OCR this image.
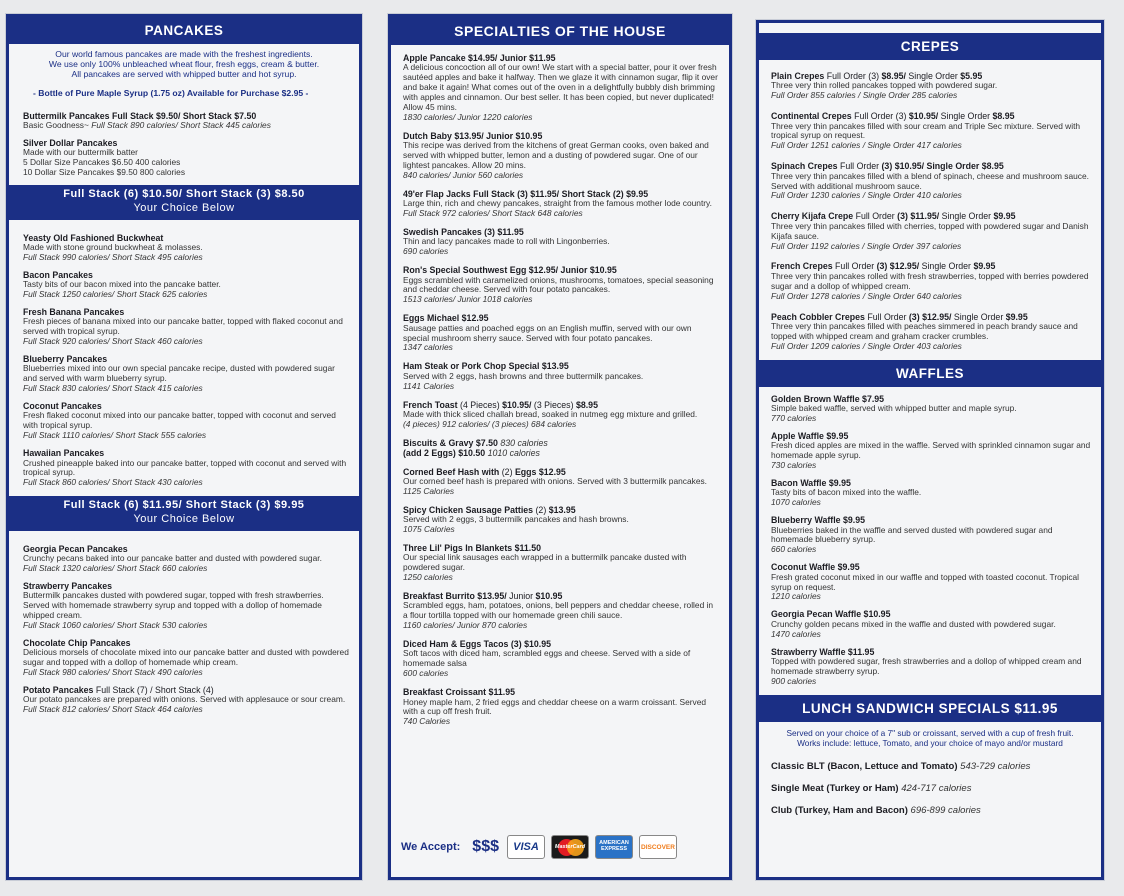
PANCAKES
Our world famous pancakes are made with the freshest ingredients.
We use only 100% unbleached wheat flour, fresh eggs, cream & butter.
All pancakes are served with whipped butter and hot syrup.
- Bottle of Pure Maple Syrup (1.75 oz) Available for Purchase $2.95 -
Buttermilk Pancakes Full Stack $9.50/ Short Stack $7.50
Basic Goodness~ Full Stack 890 calories/ Short Stack 445 calories
Silver Dollar Pancakes
Made with our buttermilk batter
5 Dollar Size Pancakes $6.50 400 calories
10 Dollar Size Pancakes $9.50 800 calories
Full Stack (6) $10.50/ Short Stack (3) $8.50
Your Choice Below
Yeasty Old Fashioned Buckwheat
Made with stone ground buckwheat & molasses.
Full Stack 990 calories/ Short Stack 495 calories
Bacon Pancakes
Tasty bits of our bacon mixed into the pancake batter.
Full Stack 1250 calories/ Short Stack 625 calories
Fresh Banana Pancakes
Fresh pieces of banana mixed into our pancake batter, topped with flaked coconut and served with tropical syrup.
Full Stack 920 calories/ Short Stack 460 calories
Blueberry Pancakes
Blueberries mixed into our own special pancake recipe, dusted with powdered sugar and served with warm blueberry syrup.
Full Stack 830 calories/ Short Stack 415 calories
Coconut Pancakes
Fresh flaked coconut mixed into our pancake batter, topped with coconut and served with tropical syrup.
Full Stack 1110 calories/ Short Stack 555 calories
Hawaiian Pancakes
Crushed pineapple baked into our pancake batter, topped with coconut and served with tropical syrup.
Full Stack 860 calories/ Short Stack 430 calories
Full Stack (6) $11.95/ Short Stack (3) $9.95
Your Choice Below
Georgia Pecan Pancakes
Crunchy pecans baked into our pancake batter and dusted with powdered sugar.
Full Stack 1320 calories/ Short Stack 660 calories
Strawberry Pancakes
Buttermilk pancakes dusted with powdered sugar, topped with fresh strawberries. Served with homemade strawberry syrup and topped with a dollop of homemade whipped cream.
Full Stack 1060 calories/ Short Stack 530 calories
Chocolate Chip Pancakes
Delicious morsels of chocolate mixed into our pancake batter and dusted with powdered sugar and topped with a dollop of homemade whip cream.
Full Stack 980 calories/ Short Stack 490 calories
Potato Pancakes Full Stack (7) / Short Stack (4)
Our potato pancakes are prepared with onions. Served with applesauce or sour cream.
Full Stack 812 calories/ Short Stack 464 calories
SPECIALTIES OF THE HOUSE
Apple Pancake $14.95/ Junior $11.95
A delicious concoction all of our own! We start with a special batter, pour it over fresh sautéed apples and bake it halfway. Then we glaze it with cinnamon sugar, flip it over and bake it again! What comes out of the oven in a delightfully bubbly dish brimming with apples and cinnamon. Our best seller. It has been copied, but never duplicated! Allow 45 mins.
1830 calories/ Junior 1220 calories
Dutch Baby $13.95/ Junior $10.95
This recipe was derived from the kitchens of great German cooks, oven baked and served with whipped butter, lemon and a dusting of powdered sugar. One of our lightest pancakes. Allow 20 mins.
840 calories/ Junior 560 calories
49'er Flap Jacks Full Stack (3) $11.95/ Short Stack (2) $9.95
Large thin, rich and chewy pancakes, straight from the famous mother lode country.
Full Stack 972 calories/ Short Stack 648 calories
Swedish Pancakes (3) $11.95
Thin and lacy pancakes made to roll with Lingonberries.
690 calories
Ron's Special Southwest Egg $12.95/ Junior $10.95
Eggs scrambled with caramelized onions, mushrooms, tomatoes, special seasoning and cheddar cheese. Served with four potato pancakes.
1513 calories/ Junior 1018 calories
Eggs Michael $12.95
Sausage patties and poached eggs on an English muffin, served with our own special mushroom sherry sauce. Served with four potato pancakes.
1347 calories
Ham Steak or Pork Chop Special $13.95
Served with 2 eggs, hash browns and three buttermilk pancakes.
1141 Calories
French Toast (4 Pieces) $10.95/ (3 Pieces) $8.95
Made with thick sliced challah bread, soaked in nutmeg egg mixture and grilled.
(4 pieces) 912 calories/ (3 pieces) 684 calories
Biscuits & Gravy $7.50 830 calories
(add 2 Eggs) $10.50 1010 calories
Corned Beef Hash with (2) Eggs $12.95
Our corned beef hash is prepared with onions. Served with 3 buttermilk pancakes.
1125 Calories
Spicy Chicken Sausage Patties (2) $13.95
Served with 2 eggs, 3 buttermilk pancakes and hash browns.
1075 Calories
Three Lil' Pigs In Blankets $11.50
Our special link sausages each wrapped in a buttermilk pancake dusted with powdered sugar.
1250 calories
Breakfast Burrito $13.95/ Junior $10.95
Scrambled eggs, ham, potatoes, onions, bell peppers and cheddar cheese, rolled in a flour tortilla topped with our homemade green chili sauce.
1160 calories/ Junior 870 calories
Diced Ham & Eggs Tacos (3) $10.95
Soft tacos with diced ham, scrambled eggs and cheese. Served with a side of homemade salsa
600 calories
Breakfast Croissant $11.95
Honey maple ham, 2 fried eggs and cheddar cheese on a warm croissant. Served with a cup off fresh fruit.
740 Calories
We Accept: $$$ VISA	MasterCard
AMERICAN EXPRESS	DISCOVER
CREPES
Plain Crepes Full Order (3) $8.95/ Single Order $5.95
Three very thin rolled pancakes topped with powdered sugar.
Full Order 855 calories / Single Order 285 calories
Continental Crepes Full Order (3) $10.95/ Single Order $8.95
Three very thin pancakes filled with sour cream and Triple Sec mixture. Served with tropical syrup on request.
Full Order 1251 calories / Single Order 417 calories
Spinach Crepes Full Order (3) $10.95/ Single Order $8.95
Three very thin pancakes filled with a blend of spinach, cheese and mushroom sauce. Served with additional mushroom sauce.
Full Order 1230 calories / Single Order 410 calories
Cherry Kijafa Crepe Full Order (3) $11.95/ Single Order $9.95
Three very thin pancakes filled with cherries, topped with powdered sugar and Danish Kijafa sauce.
Full Order 1192 calories / Single Order 397 calories
French Crepes Full Order (3) $12.95/ Single Order $9.95
Three very thin pancakes rolled with fresh strawberries, topped with berries powdered sugar and a dollop of whipped cream.
Full Order 1278 calories / Single Order 640 calories
Peach Cobbler Crepes Full Order (3) $12.95/ Single Order $9.95
Three very thin pancakes filled with peaches simmered in peach brandy sauce and topped with whipped cream and graham cracker crumbles.
Full Order 1209 calories / Single Order 403 calories
WAFFLES
Golden Brown Waffle $7.95
Simple baked waffle, served with whipped butter and maple syrup.
770 calories
Apple Waffle $9.95
Fresh diced apples are mixed in the waffle. Served with sprinkled cinnamon sugar and homemade apple syrup.
730 calories
Bacon Waffle $9.95
Tasty bits of bacon mixed into the waffle.
1070 calories
Blueberry Waffle $9.95
Blueberries baked in the waffle and served dusted with powdered sugar and homemade blueberry syrup.
660 calories
Coconut Waffle $9.95
Fresh grated coconut mixed in our waffle and topped with toasted coconut. Tropical syrup on request.
1210 calories
Georgia Pecan Waffle $10.95
Crunchy golden pecans mixed in the waffle and dusted with powdered sugar.
1470 calories
Strawberry Waffle $11.95
Topped with powdered sugar, fresh strawberries and a dollop of whipped cream and homemade strawberry syrup.
900 calories
LUNCH SANDWICH SPECIALS $11.95
Served on your choice of a 7" sub or croissant, served with a cup of fresh fruit.
Works include: lettuce, Tomato, and your choice of mayo and/or mustard
Classic BLT (Bacon, Lettuce and Tomato) 543-729 calories
Single Meat (Turkey or Ham) 424-717 calories
Club (Turkey, Ham and Bacon) 696-899 calories
